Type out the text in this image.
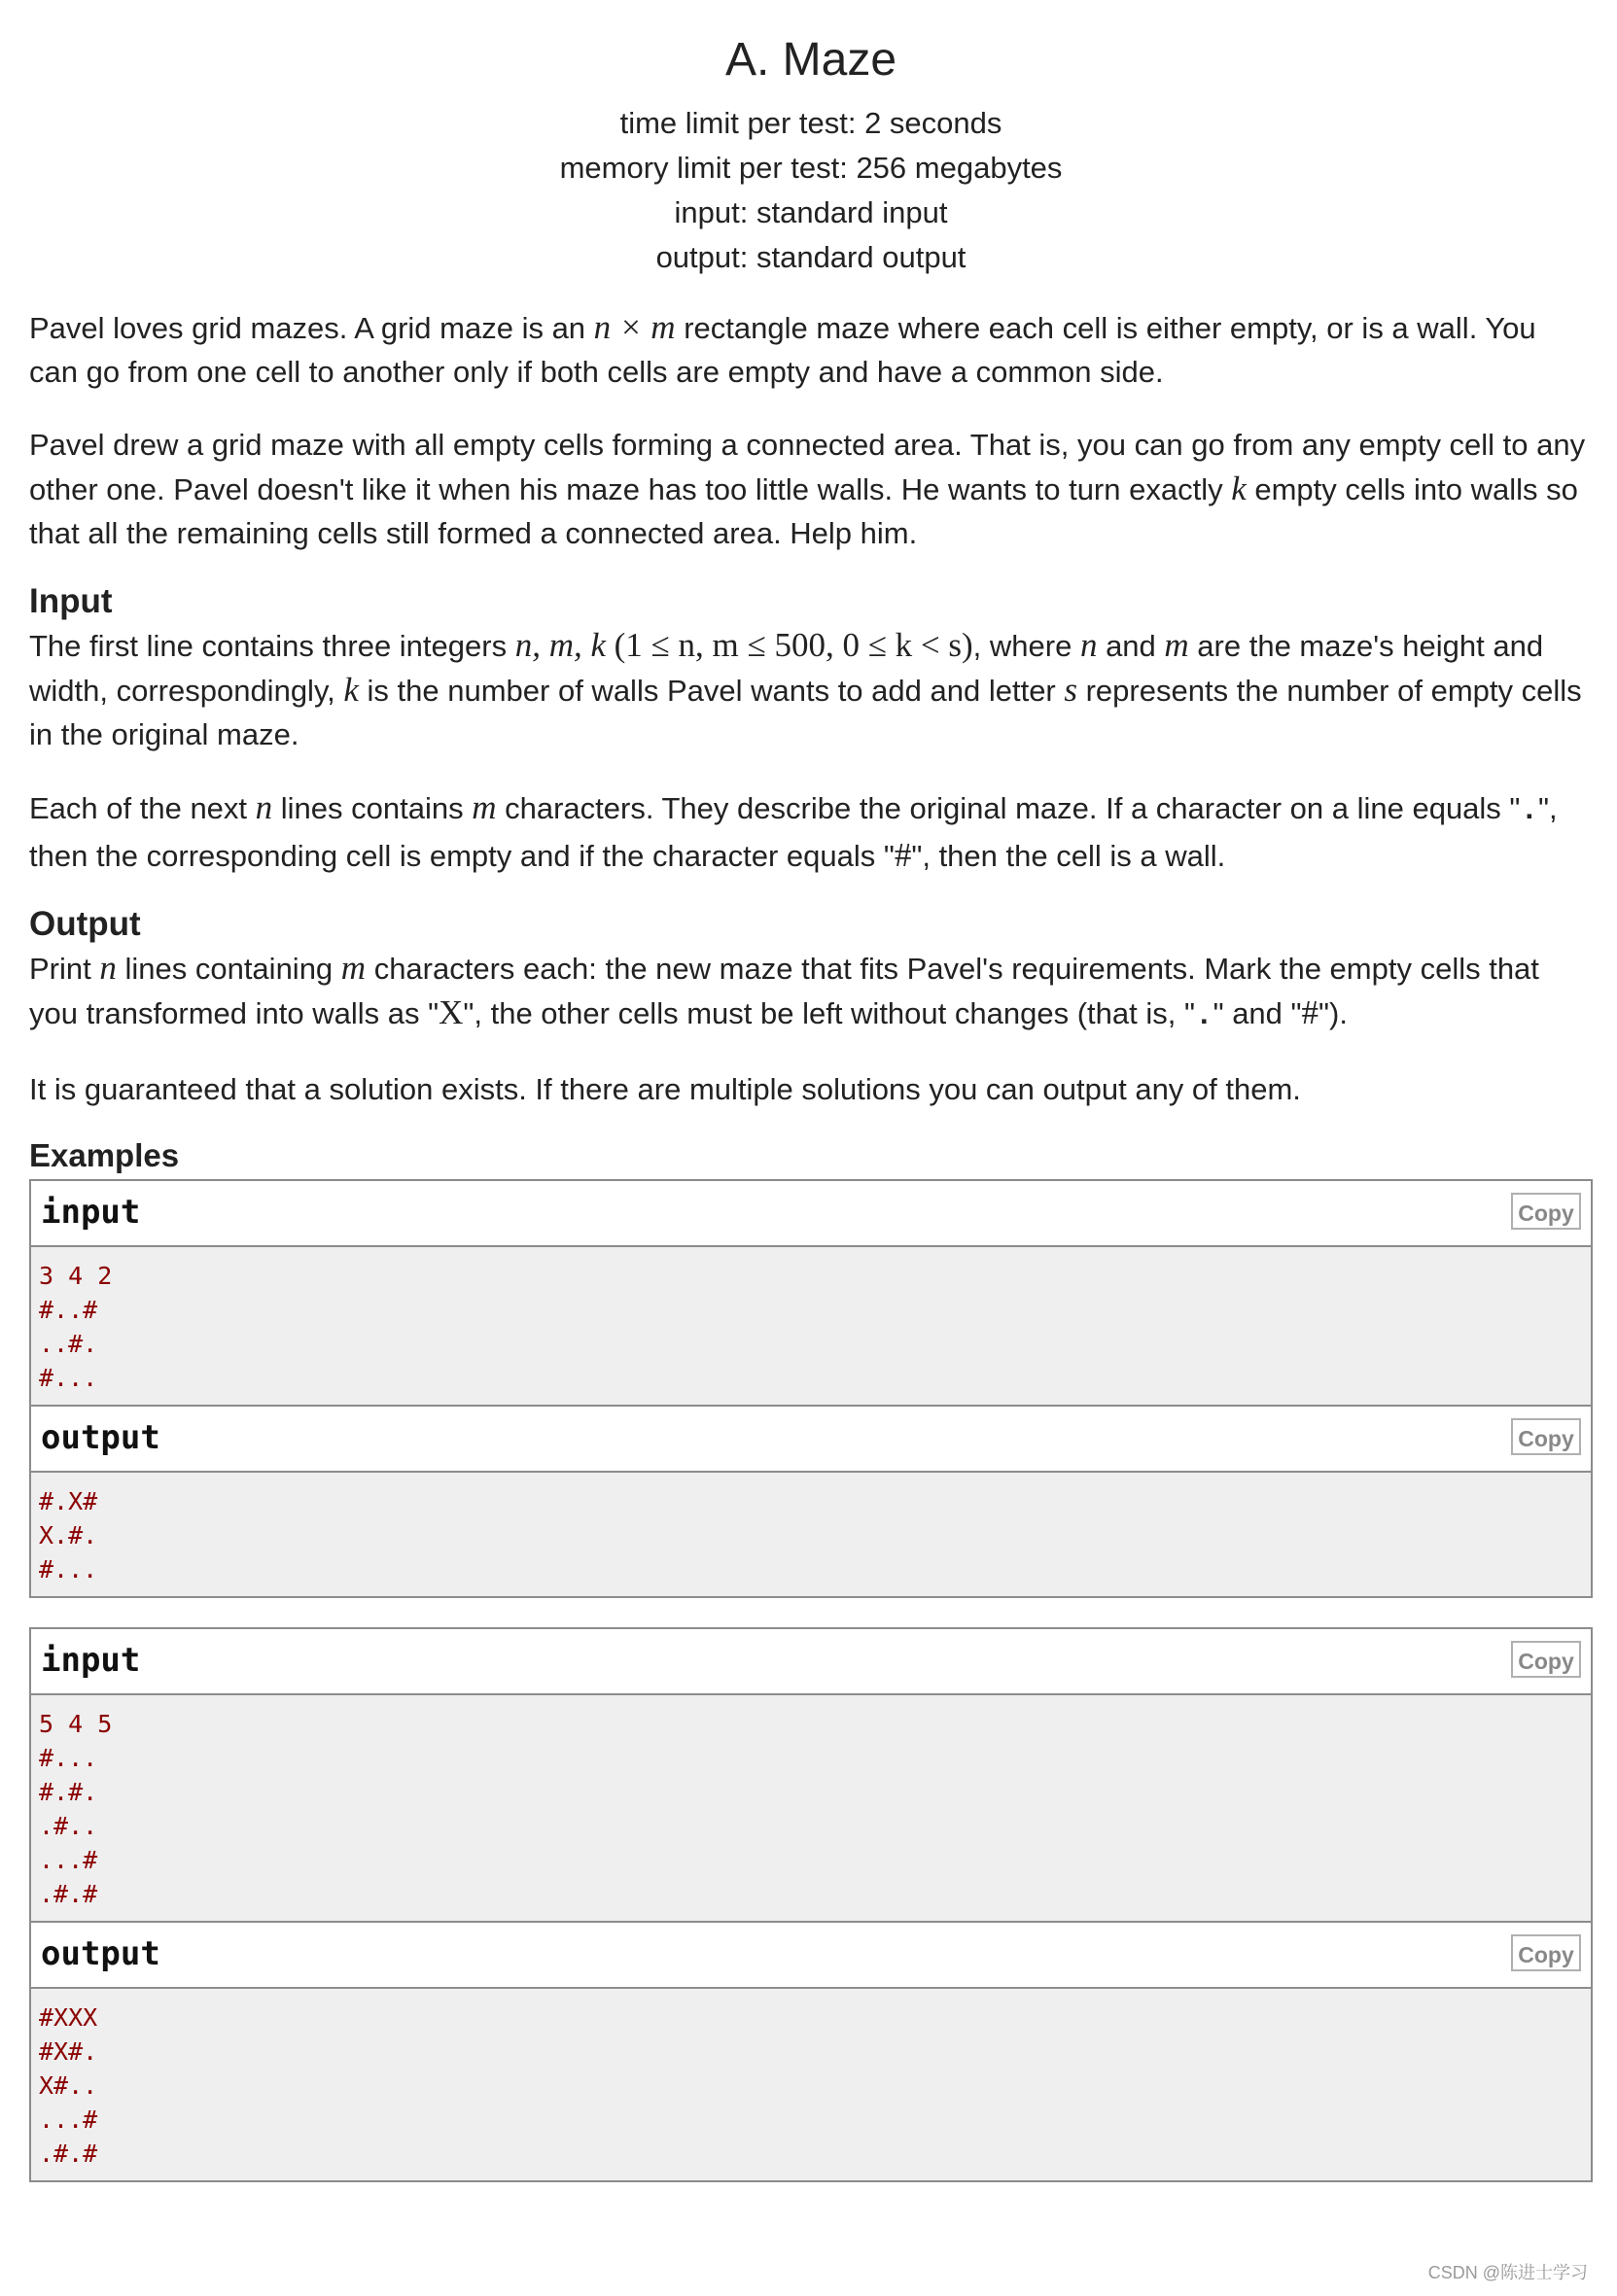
A. Maze
time limit per test: 2 seconds
memory limit per test: 256 megabytes
input: standard input
output: standard output

Pavel loves grid mazes. A grid maze is an n × m rectangle maze where each cell is either empty, or is a wall. You can go from one cell to another only if both cells are empty and have a common side.

Pavel drew a grid maze with all empty cells forming a connected area. That is, you can go from any empty cell to any other one. Pavel doesn't like it when his maze has too little walls. He wants to turn exactly k empty cells into walls so that all the remaining cells still formed a connected area. Help him.

Input

The first line contains three integers n, m, k (1 ≤ n, m ≤ 500, 0 ≤ k < s), where n and m are the maze's height and width, correspondingly, k is the number of walls Pavel wants to add and letter s represents the number of empty cells in the original maze.

Each of the next n lines contains m characters. They describe the original maze. If a character on a line equals ".", then the corresponding cell is empty and if the character equals "#", then the cell is a wall.

Output

Print n lines containing m characters each: the new maze that fits Pavel's requirements. Mark the empty cells that you transformed into walls as "X", the other cells must be left without changes (that is, "." and "#").

It is guaranteed that a solution exists. If there are multiple solutions you can output any of them.

Examples
input	Copy
3 4 2
#..#
..#.
#...
output	Copy
#.X#
X.#.
#...
input	Copy
5 4 5
#...
#.#.
.#..
...#
.#.#
output	Copy
#XXX
#X#.
X#..
...#
.#.#
CSDN @陈进士学习
